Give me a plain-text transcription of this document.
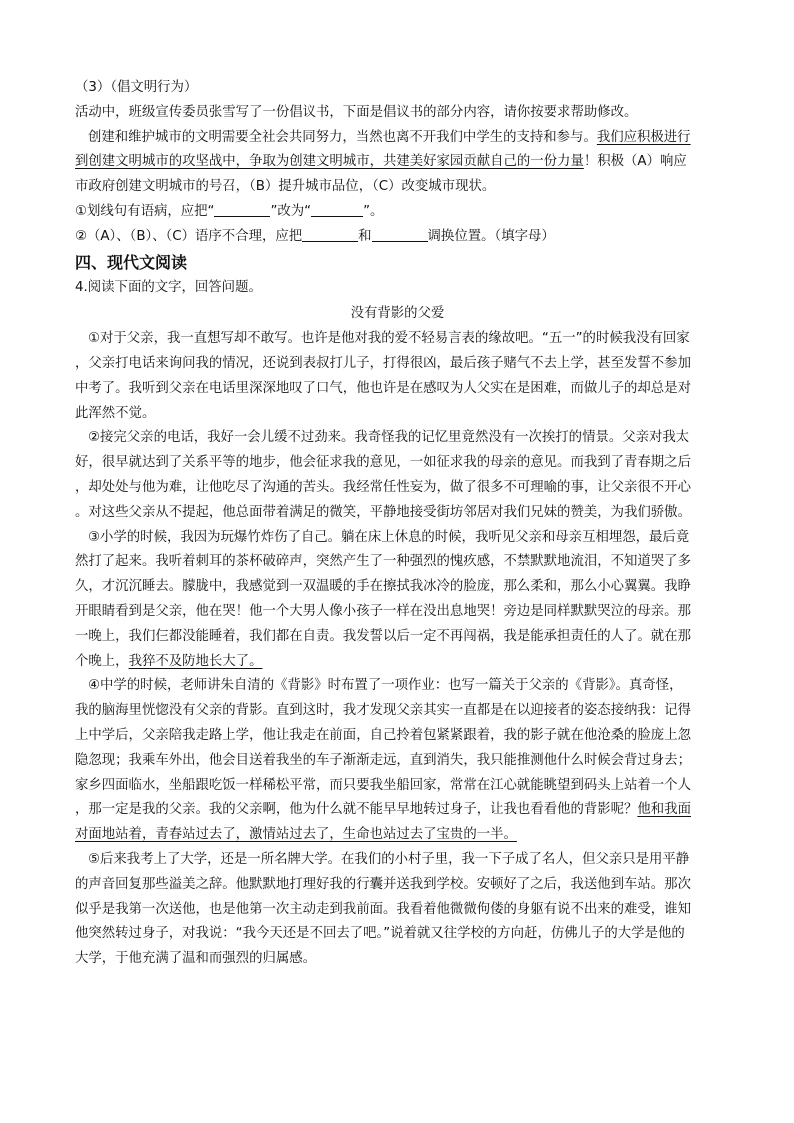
（3）（倡文明行为）
活动中，班级宣传委员张雪写了一份倡议书，下面是倡议书的部分内容，请你按要求帮助修改。
创建和维护城市的文明需要全社会共同努力，当然也离不开我们中学生的支持和参与。我们应积极进行
到创建文明城市的攻坚战中，争取为创建文明城市，共建美好家园贡献自己的一份力量！积极（A）响应
市政府创建文明城市的号召，（B）提升城市品位，（C）改变城市现状。
①划线句有语病，应把“	”改为“	”。
②（A）、（B）、（C）语序不合理，应把	和	调换位置。（填字母）
四、现代文阅读
4.阅读下面的文字，回答问题。
没有背影的父爱
①对于父亲，我一直想写却不敢写。也许是他对我的爱不轻易言表的缘故吧。“五一”的时候我没有回家
，父亲打电话来询问我的情况，还说到表叔打儿子，打得很凶，最后孩子赌气不去上学，甚至发誓不参加
中考了。我听到父亲在电话里深深地叹了口气，他也许是在感叹为人父实在是困难，而做儿子的却总是对
此浑然不觉。
②接完父亲的电话，我好一会儿缓不过劲来。我奇怪我的记忆里竟然没有一次挨打的情景。父亲对我太
好，很早就达到了关系平等的地步，他会征求我的意见，一如征求我的母亲的意见。而我到了青春期之后
，却处处与他为难，让他吃尽了沟通的苦头。我经常任性妄为，做了很多不可理喻的事，让父亲很不开心
。对这些父亲从不提起，他总面带着满足的微笑，平静地接受街坊邻居对我们兄妹的赞美，为我们骄傲。
③小学的时候，我因为玩爆竹炸伤了自己。躺在床上休息的时候，我听见父亲和母亲互相埋怨，最后竟
然打了起来。我听着刺耳的茶杯破碎声，突然产生了一种强烈的愧疚感，不禁默默地流泪，不知道哭了多
久，才沉沉睡去。朦胧中，我感觉到一双温暖的手在擦拭我冰冷的脸庞，那么柔和，那么小心翼翼。我睁
开眼睛看到是父亲，他在哭！他一个大男人像小孩子一样在没出息地哭！旁边是同样默默哭泣的母亲。那
一晚上，我们仨都没能睡着，我们都在自责。我发誓以后一定不再闯祸，我是能承担责任的人了。就在那
个晚上，我猝不及防地长大了。
④中学的时候，老师讲朱自清的《背影》时布置了一项作业：也写一篇关于父亲的《背影》。真奇怪，
我的脑海里恍惚没有父亲的背影。直到这时，我才发现父亲其实一直都是在以迎接者的姿态接纳我：记得
上中学后，父亲陪我走路上学，他让我走在前面，自己拎着包紧紧跟着，我的影子就在他沧桑的脸庞上忽
隐忽现；我乘车外出，他会目送着我坐的车子渐渐走远，直到消失，我只能推测他什么时候会背过身去；
家乡四面临水，坐船跟吃饭一样稀松平常，而只要我坐船回家，常常在江心就能眺望到码头上站着一个人
，那一定是我的父亲。我的父亲啊，他为什么就不能早早地转过身子，让我也看看他的背影呢？他和我面
对面地站着，青春站过去了，激情站过去了，生命也站过去了宝贵的一半。
⑤后来我考上了大学，还是一所名牌大学。在我们的小村子里，我一下子成了名人，但父亲只是用平静
的声音回复那些溢美之辞。他默默地打理好我的行囊并送我到学校。安顿好了之后，我送他到车站。那次
似乎是我第一次送他，也是他第一次主动走到我前面。我看着他微微佝偻的身躯有说不出来的难受，谁知
他突然转过身子，对我说：“我今天还是不回去了吧。”说着就又往学校的方向赶，仿佛儿子的大学是他的
大学，于他充满了温和而强烈的归属感。
